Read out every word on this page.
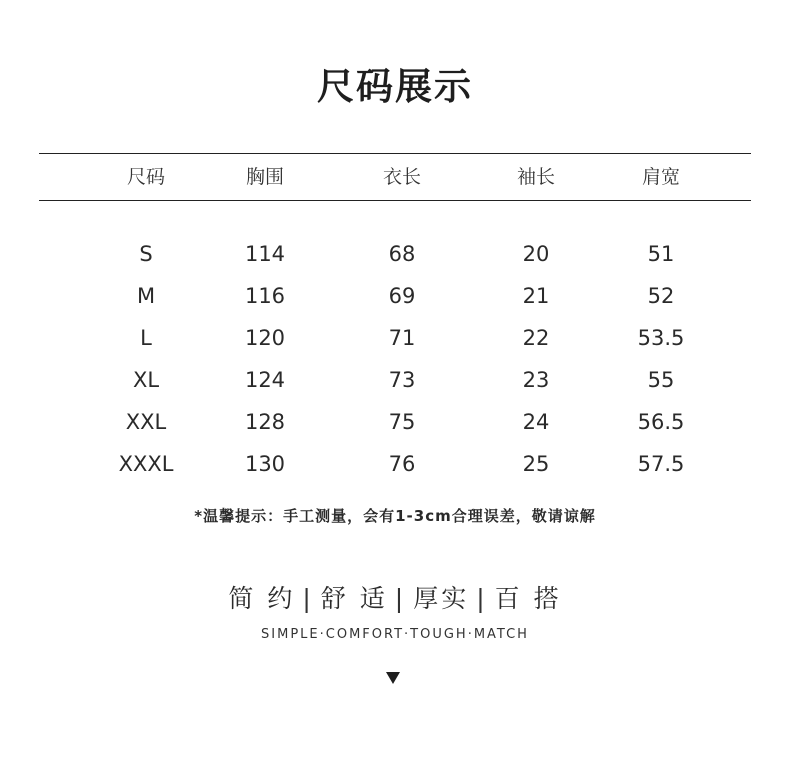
尺码展示
尺码	胸围	衣长	袖长	肩宽
S	114	68	20	51
M	116	69	21	52
L	120	71	22	53.5
XL	124	73	23	55
XXL	128	75	24	56.5
XXXL	130	76	25	57.5
*温馨提示：手工测量，会有1-3cm合理误差，敬请谅解
简 约 | 舒 适 | 厚实 | 百 搭
SIMPLE·COMFORT·TOUGH·MATCH
